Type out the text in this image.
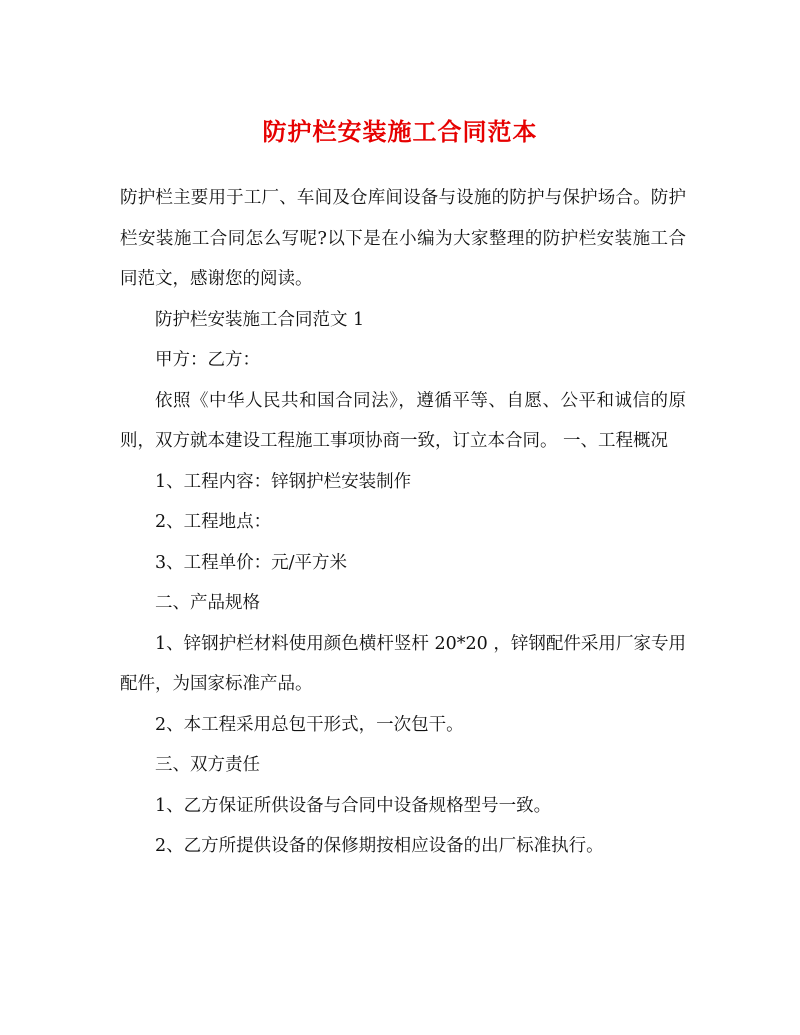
防护栏安装施工合同范本

防护栏主要用于工厂、车间及仓库间设备与设施的防护与保护场合。防护栏安装施工合同怎么写呢?以下是在小编为大家整理的防护栏安装施工合同范文，感谢您的阅读。

防护栏安装施工合同范文 1

甲方：乙方：

依照《中华人民共和国合同法》，遵循平等、自愿、公平和诚信的原则，双方就本建设工程施工事项协商一致，订立本合同。 一、工程概况

1、工程内容：锌钢护栏安装制作

2、工程地点：

3、工程单价：元/平方米

二、产品规格

1、锌钢护栏材料使用颜色横杆竖杆 20*20 ，锌钢配件采用厂家专用配件，为国家标准产品。

2、本工程采用总包干形式，一次包干。

三、双方责任

1、乙方保证所供设备与合同中设备规格型号一致。

2、乙方所提供设备的保修期按相应设备的出厂标准执行。
